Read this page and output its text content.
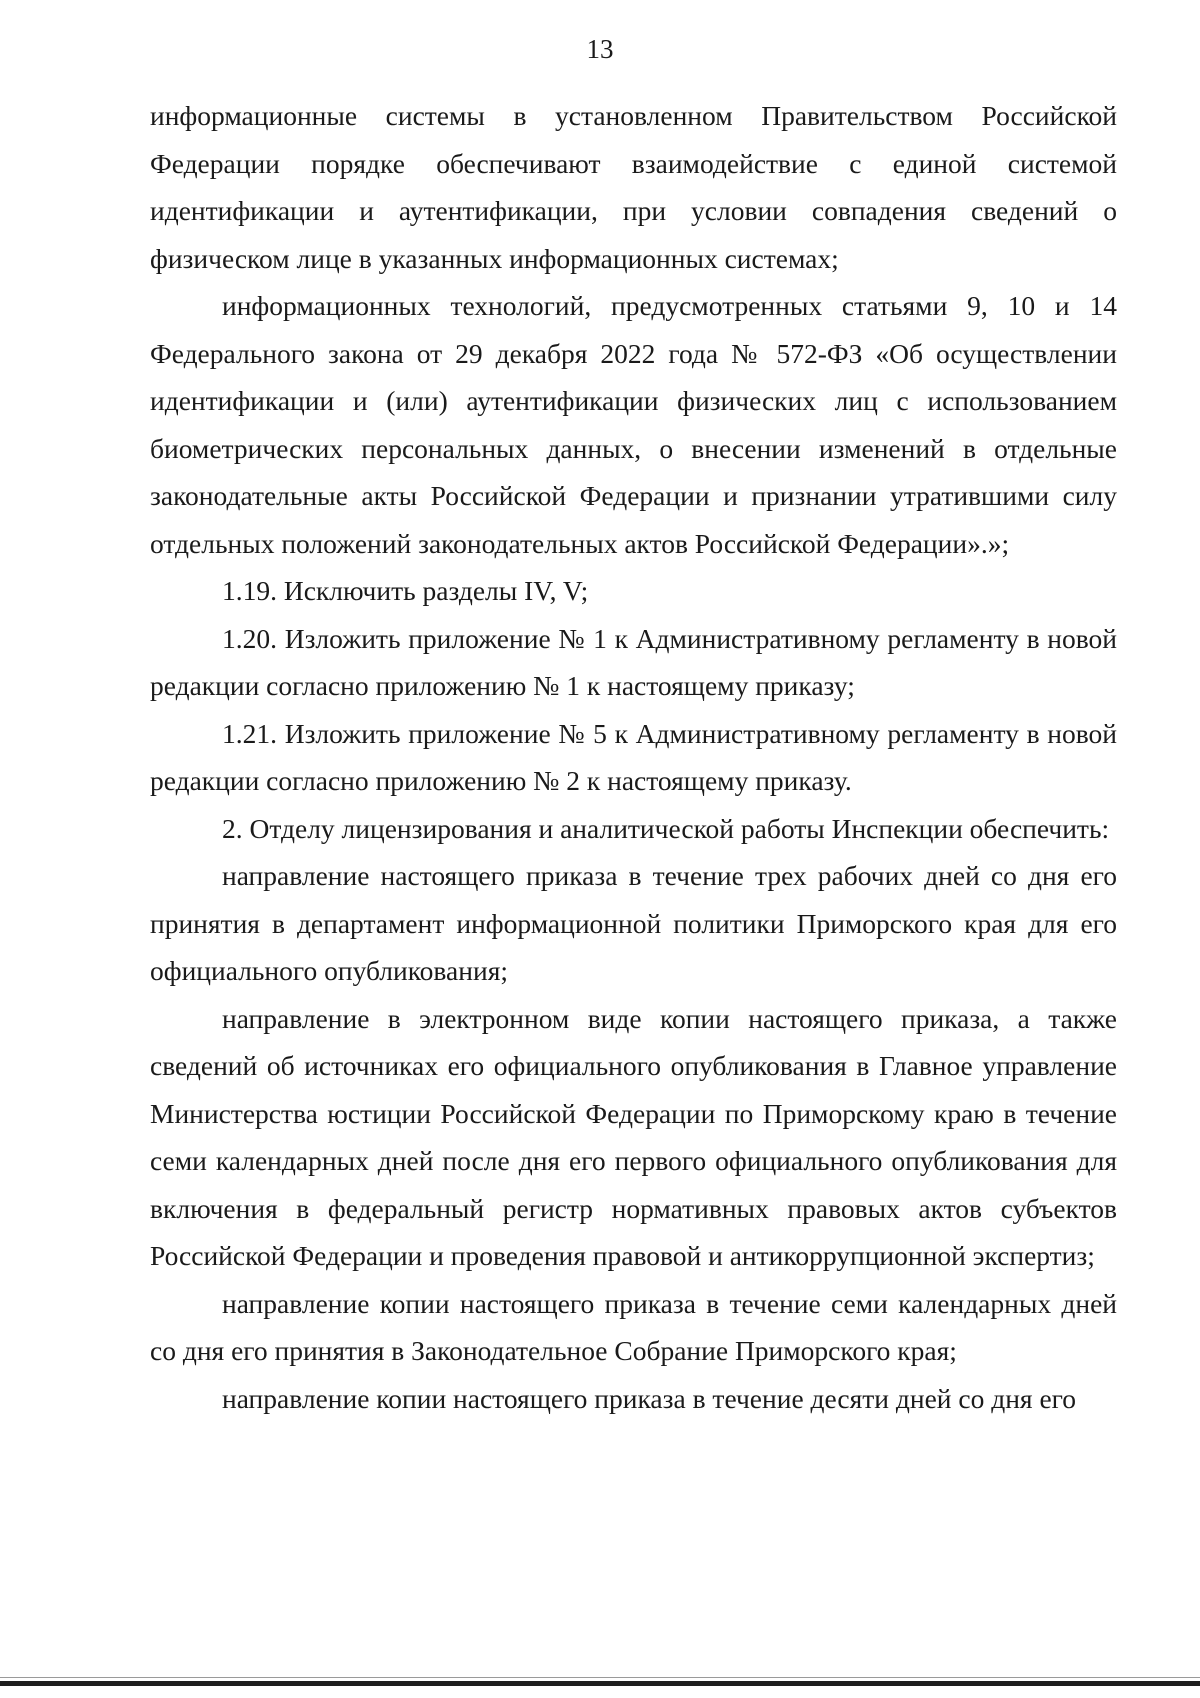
13

информационные системы в установленном Правительством Российской Федерации порядке обеспечивают взаимодействие с единой системой идентификации и аутентификации, при условии совпадения сведений о физическом лице в указанных информационных системах;

информационных технологий, предусмотренных статьями 9, 10 и 14 Федерального закона от 29 декабря 2022 года № 572-ФЗ «Об осуществлении идентификации и (или) аутентификации физических лиц с использованием биометрических персональных данных, о внесении изменений в отдельные законодательные акты Российской Федерации и признании утратившими силу отдельных положений законодательных актов Российской Федерации».»;

1.19. Исключить разделы IV, V;

1.20. Изложить приложение № 1 к Административному регламенту в новой редакции согласно приложению № 1 к настоящему приказу;

1.21. Изложить приложение № 5 к Административному регламенту в новой редакции согласно приложению № 2 к настоящему приказу.

2. Отделу лицензирования и аналитической работы Инспекции обеспечить:

направление настоящего приказа в течение трех рабочих дней со дня его принятия в департамент информационной политики Приморского края для его официального опубликования;

направление в электронном виде копии настоящего приказа, а также сведений об источниках его официального опубликования в Главное управление Министерства юстиции Российской Федерации по Приморскому краю в течение семи календарных дней после дня его первого официального опубликования для включения в федеральный регистр нормативных правовых актов субъектов Российской Федерации и проведения правовой и антикоррупционной экспертиз;

направление копии настоящего приказа в течение семи календарных дней со дня его принятия в Законодательное Собрание Приморского края;

направление копии настоящего приказа в течение десяти дней со дня его
